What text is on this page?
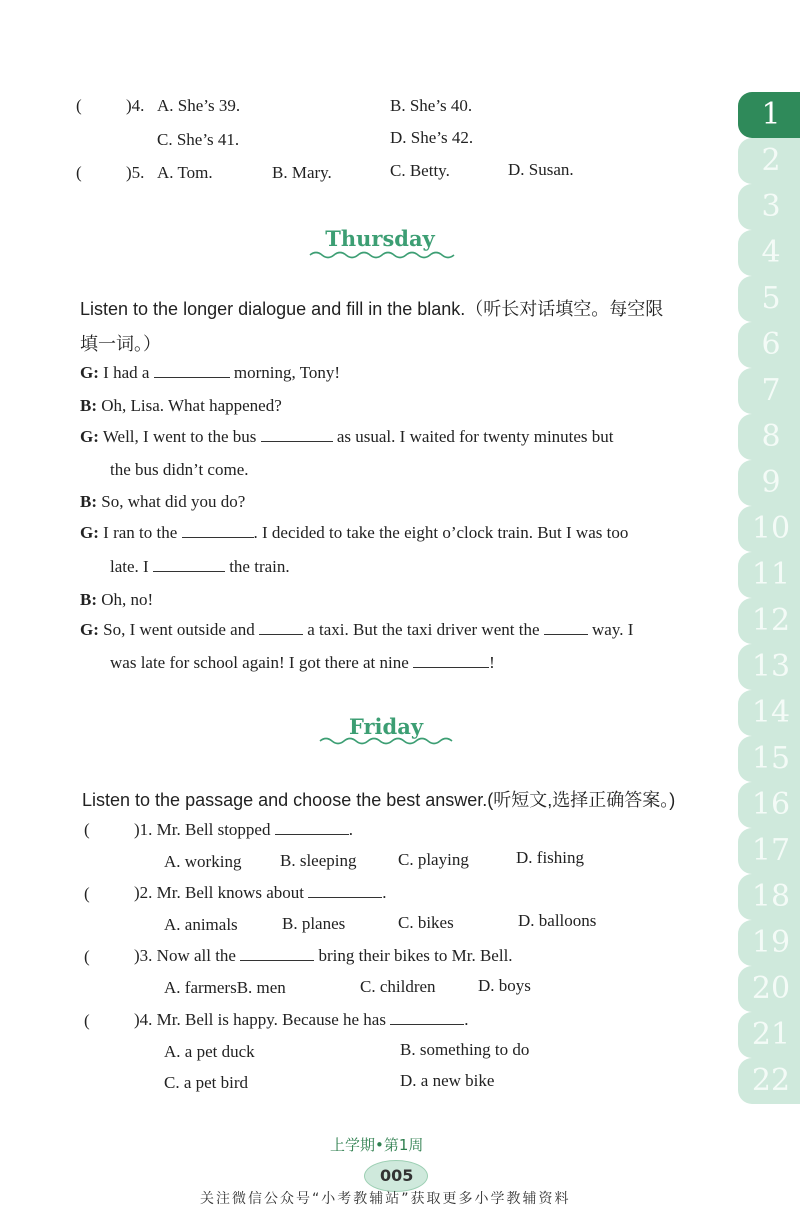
(	)4. A. She’s 39.	B. She’s 40.
C. She’s 41.	D. She’s 42.
(	)5. A. Tom.	B. Mary.	C. Betty.	D. Susan.
Thursday
Listen to the longer dialogue and fill in the blank.（听长对话填空。每空限
填一词。）
G: I had a	morning, Tony!
B: Oh, Lisa. What happened?
G: Well, I went to the bus	as usual. I waited for twenty minutes but
the bus didn’t come.
B: So, what did you do?
G: I ran to the	. I decided to take the eight o’clock train. But I was too
late. I	the train.
B: Oh, no!
G: So, I went outside and	a taxi. But the taxi driver went the	way. I
was late for school again! I got there at nine	!
Friday
Listen to the passage and choose the best answer.(听短文,选择正确答案。)
(	)1. Mr. Bell stopped	.
A. working B. sleeping C. playing	D. fishing
(	)2. Mr. Bell knows about	.
A. animals	B. planes	C. bikes	D. balloons
(	)3. Now all the	bring their bikes to Mr. Bell.
A. farmersB. men	C. children D. boys
(	)4. Mr. Bell is happy. Because he has	.
A. a pet duck	B. something to do
C. a pet bird	D. a new bike
1
2
3
4
5
6
7
8
9
10
11
12
13
14
15
16
17
18
19
20
21
22
上学期•第1周
005
关注微信公众号“小考教辅站”获取更多小学教辅资料
